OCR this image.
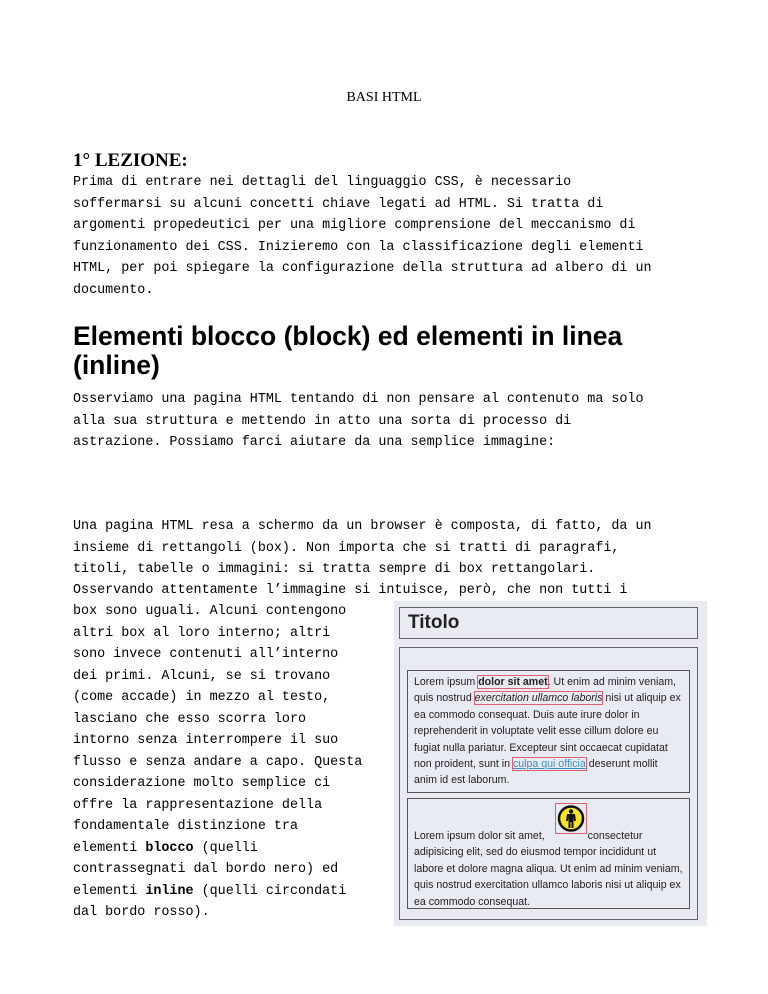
BASI HTML
1° LEZIONE:
Prima di entrare nei dettagli del linguaggio CSS, è necessario
soffermarsi su alcuni concetti chiave legati ad HTML. Si tratta di
argomenti propedeutici per una migliore comprensione del meccanismo di
funzionamento dei CSS. Inizieremo con la classificazione degli elementi
HTML, per poi spiegare la configurazione della struttura ad albero di un
documento.
Elementi blocco (block) ed elementi in linea (inline)
Osserviamo una pagina HTML tentando di non pensare al contenuto ma solo
alla sua struttura e mettendo in atto una sorta di processo di
astrazione. Possiamo farci aiutare da una semplice immagine:
Una pagina HTML resa a schermo da un browser è composta, di fatto, da un
insieme di rettangoli (box). Non importa che si tratti di paragrafi,
titoli, tabelle o immagini: si tratta sempre di box rettangolari.
Osservando attentamente l’immagine si intuisce, però, che non tutti i
box sono uguali. Alcuni contengono
altri box al loro interno; altri
sono invece contenuti all’interno
dei primi. Alcuni, se si trovano
(come accade) in mezzo al testo,
lasciano che esso scorra loro
intorno senza interrompere il suo
flusso e senza andare a capo. Questa
considerazione molto semplice ci
offre la rappresentazione della
fondamentale distinzione tra
elementi blocco (quelli
contrassegnati dal bordo nero) ed
elementi inline (quelli circondati
dal bordo rosso).
Titolo
Lorem ipsum dolor sit amet. Ut enim ad minim veniam, quis nostrud exercitation ullamco laboris nisi ut aliquip ex ea commodo consequat. Duis aute irure dolor in reprehenderit in voluptate velit esse cillum dolore eu fugiat nulla pariatur. Excepteur sint occaecat cupidatat non proident, sunt in culpa qui officia deserunt mollit anim id est laborum.
Lorem ipsum dolor sit amet,	consectetur adipisicing elit, sed do eiusmod tempor incididunt ut labore et dolore magna aliqua. Ut enim ad minim veniam, quis nostrud exercitation ullamco laboris nisi ut aliquip ex ea commodo consequat.
